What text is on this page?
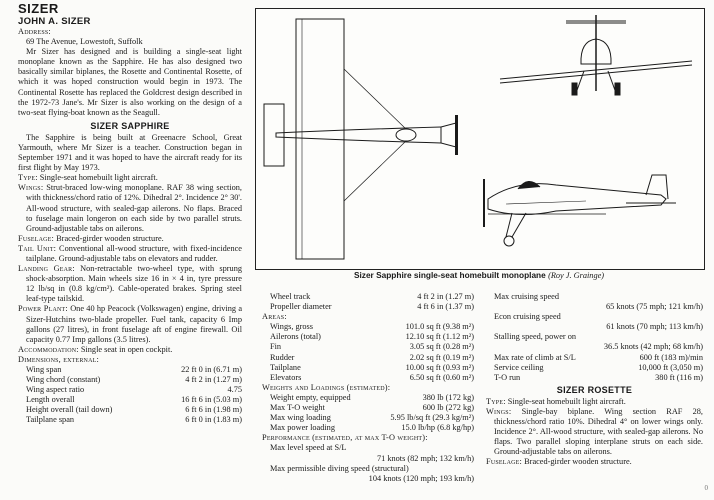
SIZER

JOHN A. SIZER

Address:

69 The Avenue, Lowestoft, Suffolk

Mr Sizer has designed and is building a single-seat light monoplane known as the Sapphire. He has also designed two basically similar biplanes, the Rosette and Continental Rosette, of which it was hoped construction would begin in 1973. The Continental Rosette has replaced the Goldcrest design described in the 1972-73 Jane's. Mr Sizer is also working on the design of a two-seat flying-boat known as the Seagull.

SIZER SAPPHIRE

The Sapphire is being built at Greenacre School, Great Yarmouth, where Mr Sizer is a teacher. Construction began in September 1971 and it was hoped to have the aircraft ready for its first flight by May 1973.

Type: Single-seat homebuilt light aircraft.

Wings: Strut-braced low-wing monoplane. RAF 38 wing section, with thickness/chord ratio of 12%. Dihedral 2°. Incidence 2° 30'. All-wood structure, with sealed-gap ailerons. No flaps. Braced to fuselage main longeron on each side by two parallel struts. Ground-adjustable tabs on ailerons.

Fuselage: Braced-girder wooden structure.

Tail Unit: Conventional all-wood structure, with fixed-incidence tailplane. Ground-adjustable tabs on elevators and rudder.

Landing Gear: Non-retractable two-wheel type, with sprung shock-absorption. Main wheels size 16 in × 4 in, tyre pressure 12 lb/sq in (0.8 kg/cm²). Cable-operated brakes. Spring steel leaf-type tailskid.

Power Plant: One 40 hp Peacock (Volkswagen) engine, driving a Sizer-Hutchins two-blade propeller. Fuel tank, capacity 6 Imp gallons (27 litres), in front fuselage aft of engine firewall. Oil capacity 0.77 Imp gallons (3.5 litres).

Accommodation: Single seat in open cockpit.

Dimensions, external:

Wing span	22 ft 0 in (6.71 m)
Wing chord (constant)	4 ft 2 in (1.27 m)
Wing aspect ratio	4.75
Length overall	16 ft 6 in (5.03 m)
Height overall (tail down)	6 ft 6 in (1.98 m)
Tailplane span	6 ft 0 in (1.83 m)
Sizer Sapphire single-seat homebuilt monoplane (Roy J. Grainge)
Wheel track	4 ft 2 in (1.27 m)
Propeller diameter	4 ft 6 in (1.37 m)

Areas:

Wings, gross	101.0 sq ft (9.38 m²)
Ailerons (total)	12.10 sq ft (1.12 m²)
Fin	3.05 sq ft (0.28 m²)
Rudder	2.02 sq ft (0.19 m²)
Tailplane	10.00 sq ft (0.93 m²)
Elevators	6.50 sq ft (0.60 m²)

Weights and Loadings (estimated):

Weight empty, equipped	380 lb (172 kg)
Max T-O weight	600 lb (272 kg)
Max wing loading	5.95 lb/sq ft (29.3 kg/m²)
Max power loading	15.0 lb/hp (6.8 kg/hp)

Performance (estimated, at max T-O weight):

Max level speed at S/L

71 knots (82 mph; 132 km/h)

Max permissible diving speed (structural)

104 knots (120 mph; 193 km/h)

Max cruising speed

65 knots (75 mph; 121 km/h)

Econ cruising speed

61 knots (70 mph; 113 km/h)

Stalling speed, power on

36.5 knots (42 mph; 68 km/h)

Max rate of climb at S/L	600 ft (183 m)/min
Service ceiling	10,000 ft (3,050 m)
T-O run	380 ft (116 m)

SIZER ROSETTE

Type: Single-seat homebuilt light aircraft.

Wings: Single-bay biplane. Wing section RAF 28, thickness/chord ratio 10%. Dihedral 4° on lower wings only. Incidence 2°. All-wood structure, with sealed-gap ailerons. No flaps. Two parallel sloping interplane struts on each side. Ground-adjustable tabs on ailerons.

Fuselage: Braced-girder wooden structure.

0
